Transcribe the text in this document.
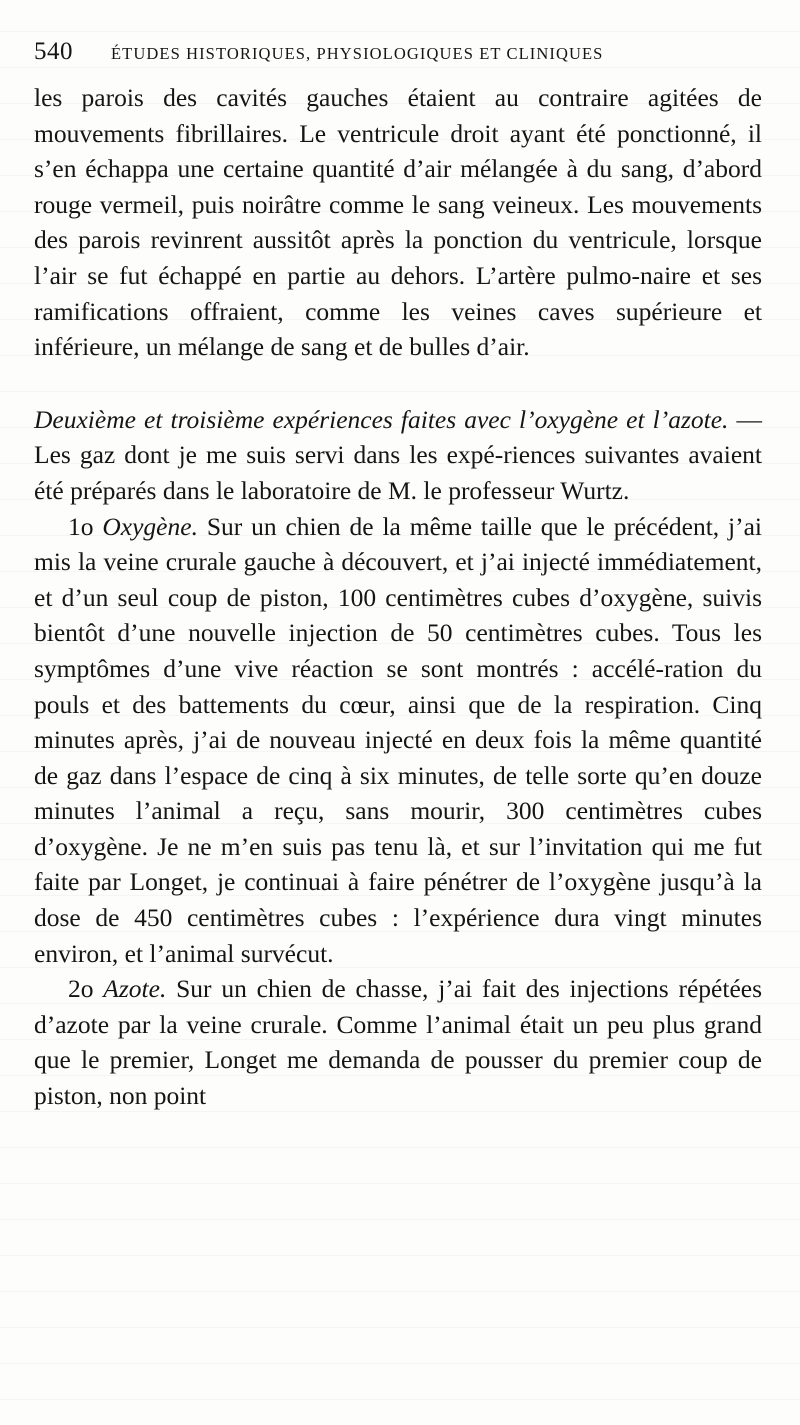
540 ÉTUDES HISTORIQUES, PHYSIOLOGIQUES ET CLINIQUES

les parois des cavités gauches étaient au contraire agitées de mouvements fibrillaires. Le ventricule droit ayant été ponctionné, il s’en échappa une certaine quantité d’air mélangée à du sang, d’abord rouge vermeil, puis noirâtre comme le sang veineux. Les mouvements des parois revinrent aussitôt après la ponction du ventricule, lorsque l’air se fut échappé en partie au dehors. L’artère pulmo-naire et ses ramifications offraient, comme les veines caves supérieure et inférieure, un mélange de sang et de bulles d’air.

Deuxième et troisième expériences faites avec l’oxygène et l’azote. — Les gaz dont je me suis servi dans les expé-riences suivantes avaient été préparés dans le laboratoire de M. le professeur Wurtz.

1o Oxygène. Sur un chien de la même taille que le précédent, j’ai mis la veine crurale gauche à découvert, et j’ai injecté immédiatement, et d’un seul coup de piston, 100 centimètres cubes d’oxygène, suivis bientôt d’une nouvelle injection de 50 centimètres cubes. Tous les symptômes d’une vive réaction se sont montrés : accélé-ration du pouls et des battements du cœur, ainsi que de la respiration. Cinq minutes après, j’ai de nouveau injecté en deux fois la même quantité de gaz dans l’espace de cinq à six minutes, de telle sorte qu’en douze minutes l’animal a reçu, sans mourir, 300 centimètres cubes d’oxygène. Je ne m’en suis pas tenu là, et sur l’invitation qui me fut faite par Longet, je continuai à faire pénétrer de l’oxygène jusqu’à la dose de 450 centimètres cubes : l’expérience dura vingt minutes environ, et l’animal survécut.

2o Azote. Sur un chien de chasse, j’ai fait des injections répétées d’azote par la veine crurale. Comme l’animal était un peu plus grand que le premier, Longet me demanda de pousser du premier coup de piston, non point
